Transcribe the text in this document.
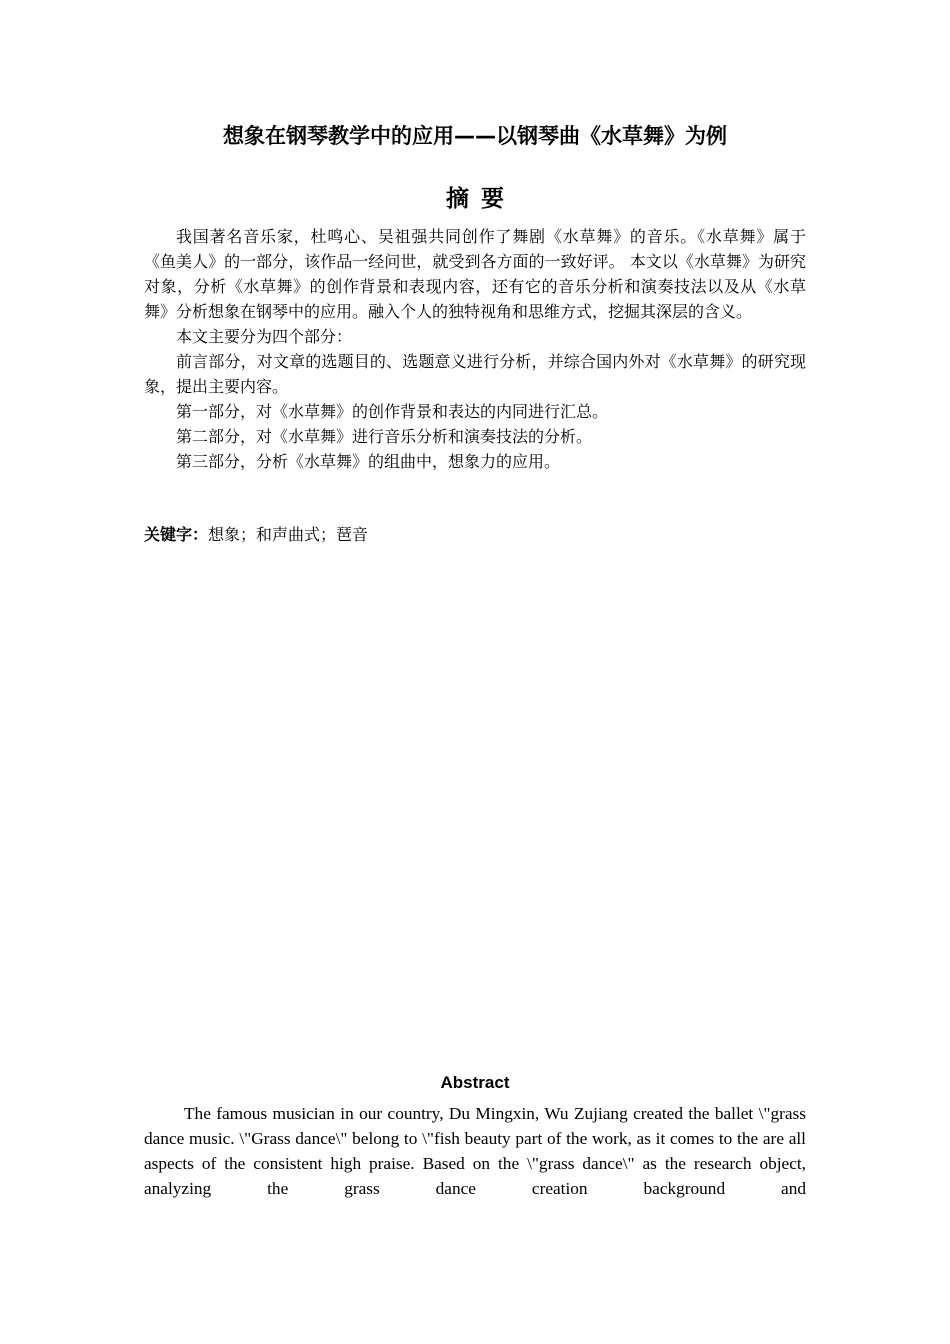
想象在钢琴教学中的应用——以钢琴曲《水草舞》为例
摘要

我国著名音乐家，杜鸣心、吴祖强共同创作了舞剧《水草舞》的音乐。《水草舞》属于《鱼美人》的一部分，该作品一经问世，就受到各方面的一致好评。 本文以《水草舞》为研究对象，分析《水草舞》的创作背景和表现内容，还有它的音乐分析和演奏技法以及从《水草舞》分析想象在钢琴中的应用。融入个人的独特视角和思维方式，挖掘其深层的含义。

本文主要分为四个部分：

前言部分，对文章的选题目的、选题意义进行分析，并综合国内外对《水草舞》的研究现象，提出主要内容。

第一部分，对《水草舞》的创作背景和表达的内同进行汇总。

第二部分，对《水草舞》进行音乐分析和演奏技法的分析。

第三部分，分析《水草舞》的组曲中，想象力的应用。

关键字：想象；和声曲式；琶音
Abstract

The famous musician in our country, Du Mingxin, Wu Zujiang created the ballet \"grass dance music. \"Grass dance\" belong to \"fish beauty part of the work, as it comes to the are all aspects of the consistent high praise. Based on the \"grass dance\" as the research object, analyzing the grass dance creation background and
